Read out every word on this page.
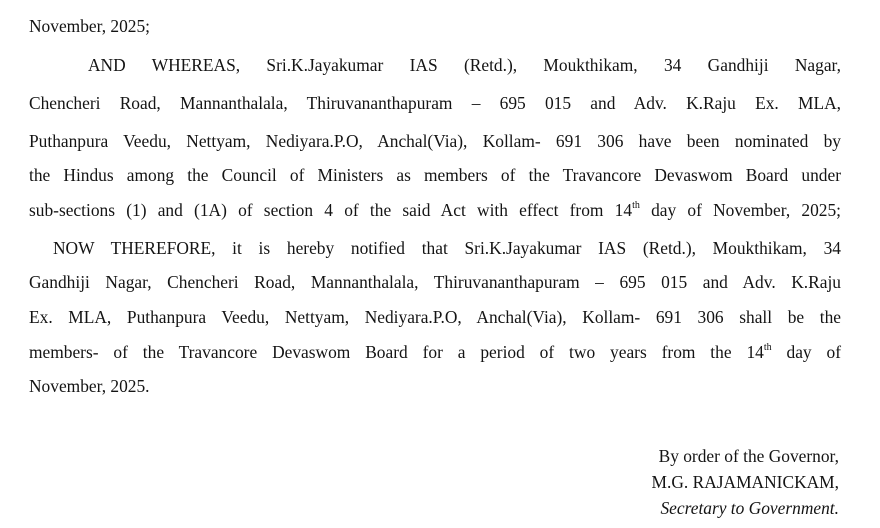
November, 2025;
AND WHEREAS, Sri.K.Jayakumar IAS (Retd.), Moukthikam, 34 Gandhiji Nagar,
Chencheri Road, Mannanthalala, Thiruvananthapuram – 695 015 and Adv. K.Raju Ex. MLA,
Puthanpura Veedu, Nettyam, Nediyara.P.O, Anchal(Via), Kollam- 691 306 have been nominated by
the Hindus among the Council of Ministers as members of the Travancore Devaswom Board under
sub-sections (1) and (1A) of section 4 of the said Act with effect from 14th day of November, 2025;
NOW THEREFORE, it is hereby notified that Sri.K.Jayakumar IAS (Retd.), Moukthikam, 34
Gandhiji Nagar, Chencheri Road, Mannanthalala, Thiruvananthapuram – 695 015 and Adv. K.Raju
Ex. MLA, Puthanpura Veedu, Nettyam, Nediyara.P.O, Anchal(Via), Kollam- 691 306 shall be the
members- of the Travancore Devaswom Board for a period of two years from the 14th day of
November, 2025.
By order of the Governor,
M.G. RAJAMANICKAM,
Secretary to Government.
